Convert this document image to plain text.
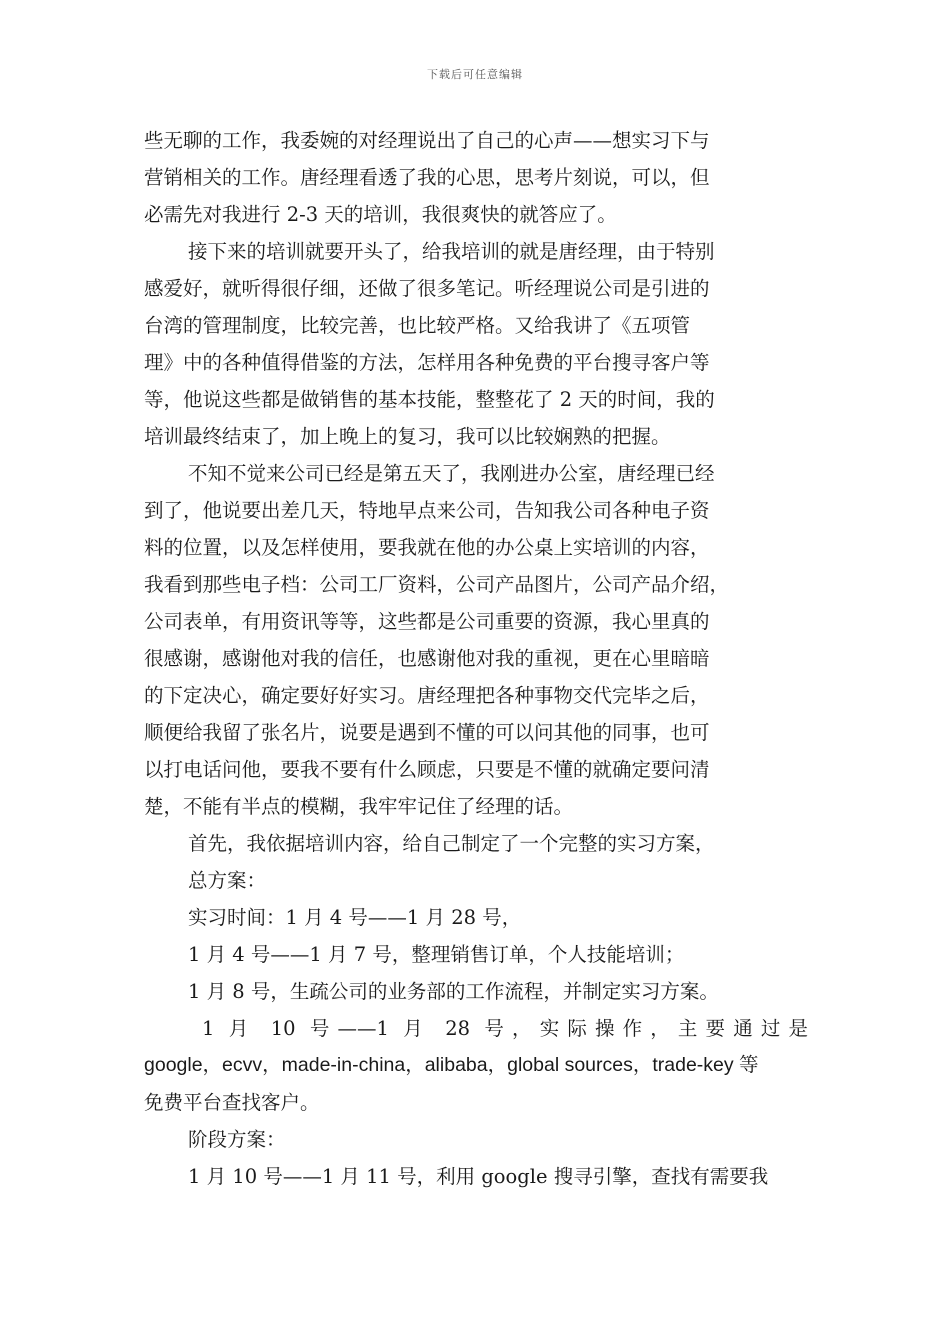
下载后可任意编辑
些无聊的工作，我委婉的对经理说出了自己的心声——想实习下与
营销相关的工作。唐经理看透了我的心思，思考片刻说，可以，但
必需先对我进行 2-3 天的培训，我很爽快的就答应了。
接下来的培训就要开头了，给我培训的就是唐经理，由于特别
感爱好，就听得很仔细，还做了很多笔记。听经理说公司是引进的
台湾的管理制度，比较完善，也比较严格。又给我讲了《五项管
理》中的各种值得借鉴的方法，怎样用各种免费的平台搜寻客户等
等，他说这些都是做销售的基本技能，整整花了 2 天的时间，我的
培训最终结束了，加上晚上的复习，我可以比较娴熟的把握。
不知不觉来公司已经是第五天了，我刚进办公室，唐经理已经
到了，他说要出差几天，特地早点来公司，告知我公司各种电子资
料的位置，以及怎样使用，要我就在他的办公桌上实培训的内容，
我看到那些电子档：公司工厂资料，公司产品图片，公司产品介绍，
公司表单，有用资讯等等，这些都是公司重要的资源，我心里真的
很感谢，感谢他对我的信任，也感谢他对我的重视，更在心里暗暗
的下定决心，确定要好好实习。唐经理把各种事物交代完毕之后，
顺便给我留了张名片，说要是遇到不懂的可以问其他的同事，也可
以打电话问他，要我不要有什么顾虑，只要是不懂的就确定要问清
楚，不能有半点的模糊，我牢牢记住了经理的话。
首先，我依据培训内容，给自己制定了一个完整的实习方案，
总方案：
实习时间：1 月 4 号——1 月 28 号，
1 月 4 号——1 月 7 号，整理销售订单，个人技能培训；
1 月 8 号，生疏公司的业务部的工作流程，并制定实习方案。
1 月 10 号——1 月 28 号，实际操作，主要通过是
google，ecvv，made-in-china，alibaba，global sources，trade-key 等
免费平台查找客户。
阶段方案：
1 月 10 号——1 月 11 号，利用 google 搜寻引擎，查找有需要我
